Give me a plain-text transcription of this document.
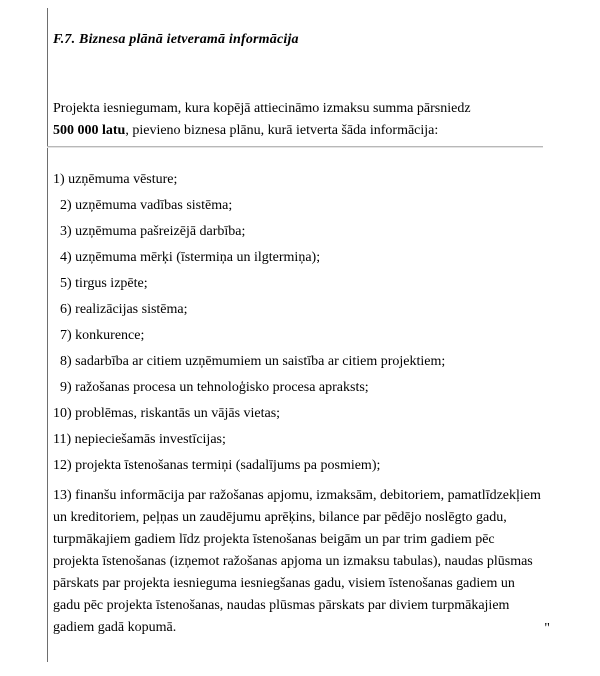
F.7. Biznesa plānā ietveramā informācija

Projekta iesniegumam, kura kopējā attiecināmo izmaksu summa pārsniedz
500 000 latu, pievieno biznesa plānu, kurā ietverta šāda informācija:

1) uzņēmuma vēsture;

2) uzņēmuma vadības sistēma;

3) uzņēmuma pašreizējā darbība;

4) uzņēmuma mērķi (īstermiņa un ilgtermiņa);

5) tirgus izpēte;

6) realizācijas sistēma;

7) konkurence;

8) sadarbība ar citiem uzņēmumiem un saistība ar citiem projektiem;

9) ražošanas procesa un tehnoloģisko procesa apraksts;

10) problēmas, riskantās un vājās vietas;

11) nepieciešamās investīcijas;

12) projekta īstenošanas termiņi (sadalījums pa posmiem);

13) finanšu informācija par ražošanas apjomu, izmaksām, debitoriem, pamatlīdzekļiem un kreditoriem, peļņas un zaudējumu aprēķins, bilance par pēdējo noslēgto gadu, turpmākajiem gadiem līdz projekta īstenošanas beigām un par trim gadiem pēc projekta īstenošanas (izņemot ražošanas apjoma un izmaksu tabulas), naudas plūsmas pārskats par projekta iesnieguma iesniegšanas gadu, visiem īstenošanas gadiem un gadu pēc projekta īstenošanas, naudas plūsmas pārskats par diviem turpmākajiem gadiem gadā kopumā.	"
